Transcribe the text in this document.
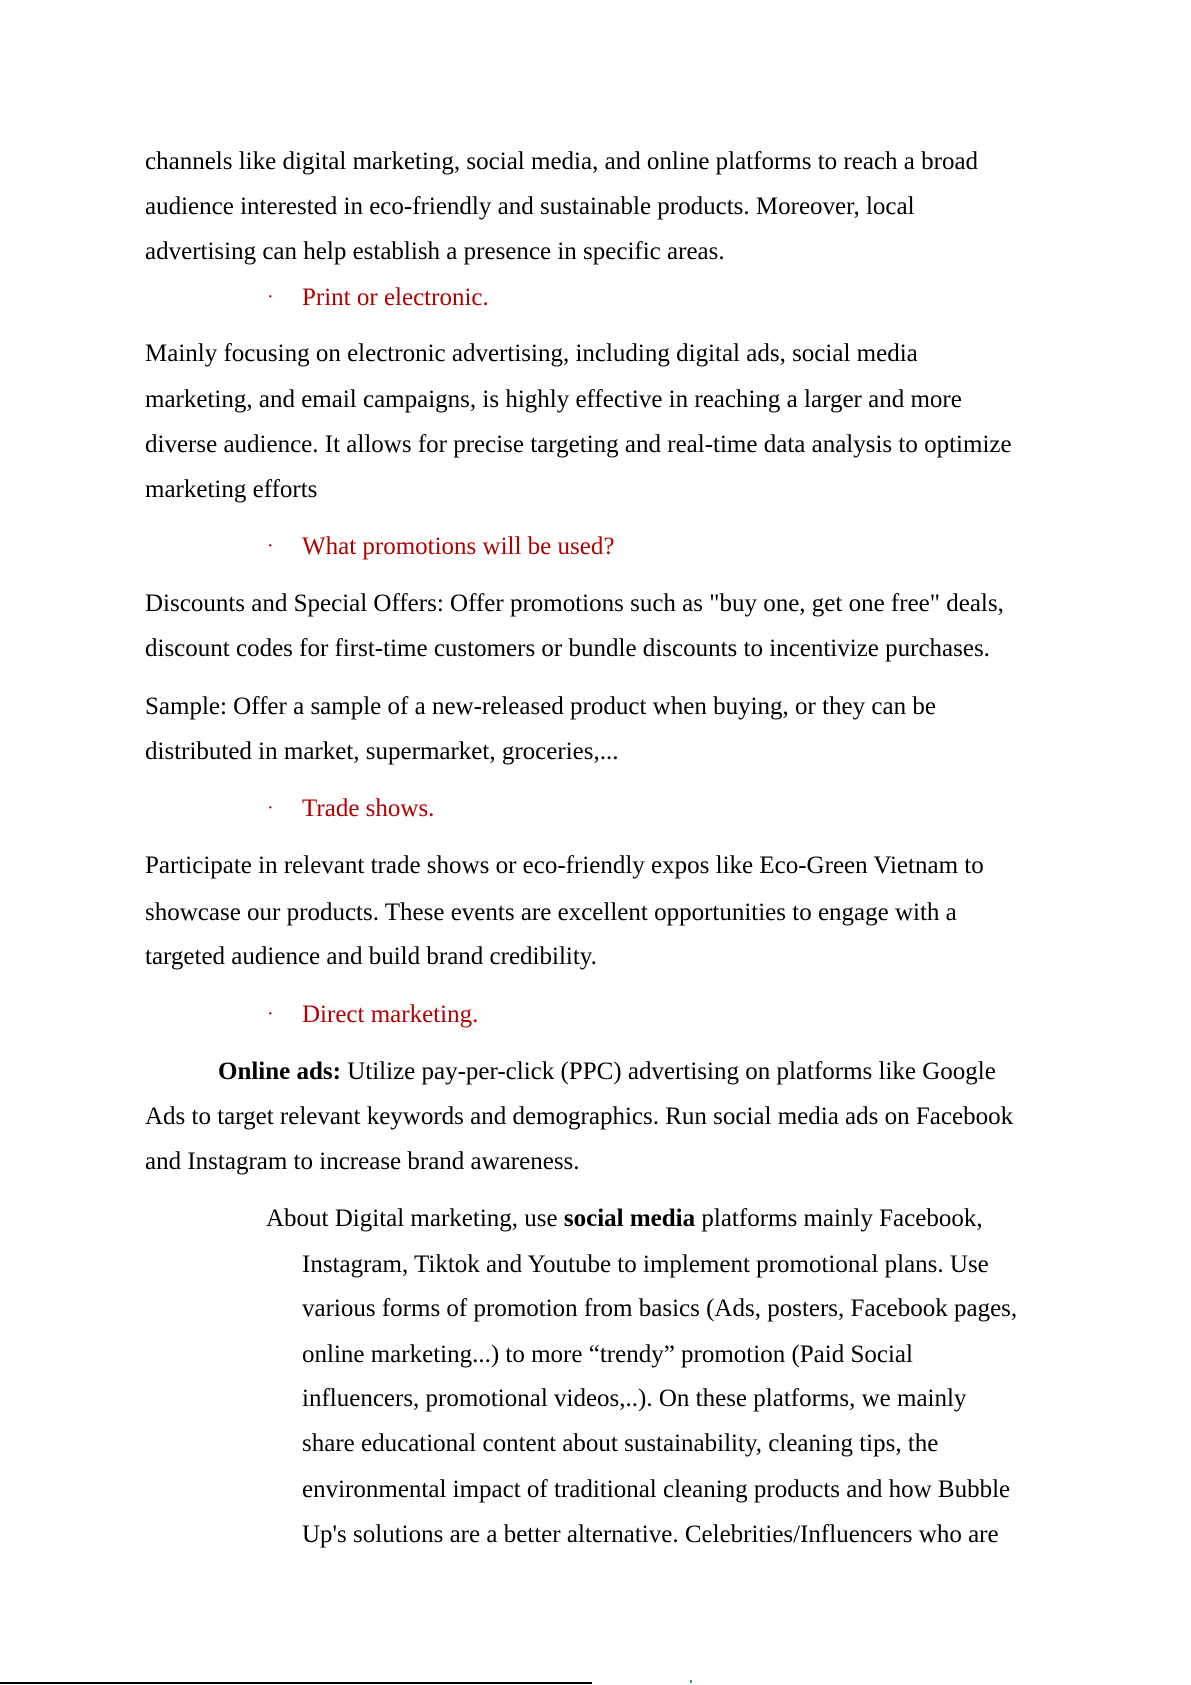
channels like digital marketing, social media, and online platforms to reach a broad
audience interested in eco-friendly and sustainable products. Moreover, local
advertising can help establish a presence in specific areas.
· Print or electronic.
Mainly focusing on electronic advertising, including digital ads, social media
marketing, and email campaigns, is highly effective in reaching a larger and more
diverse audience. It allows for precise targeting and real-time data analysis to optimize
marketing efforts
· What promotions will be used?
Discounts and Special Offers: Offer promotions such as "buy one, get one free" deals,
discount codes for first-time customers or bundle discounts to incentivize purchases.
Sample: Offer a sample of a new-released product when buying, or they can be
distributed in market, supermarket, groceries,...
· Trade shows.
Participate in relevant trade shows or eco-friendly expos like Eco-Green Vietnam to
showcase our products. These events are excellent opportunities to engage with a
targeted audience and build brand credibility.
· Direct marketing.
Online ads: Utilize pay-per-click (PPC) advertising on platforms like Google
Ads to target relevant keywords and demographics. Run social media ads on Facebook
and Instagram to increase brand awareness.
About Digital marketing, use social media platforms mainly Facebook,
Instagram, Tiktok and Youtube to implement promotional plans. Use
various forms of promotion from basics (Ads, posters, Facebook pages,
online marketing...) to more “trendy” promotion (Paid Social
influencers, promotional videos,..). On these platforms, we mainly
share educational content about sustainability, cleaning tips, the
environmental impact of traditional cleaning products and how Bubble
Up's solutions are a better alternative. Celebrities/Influencers who are
